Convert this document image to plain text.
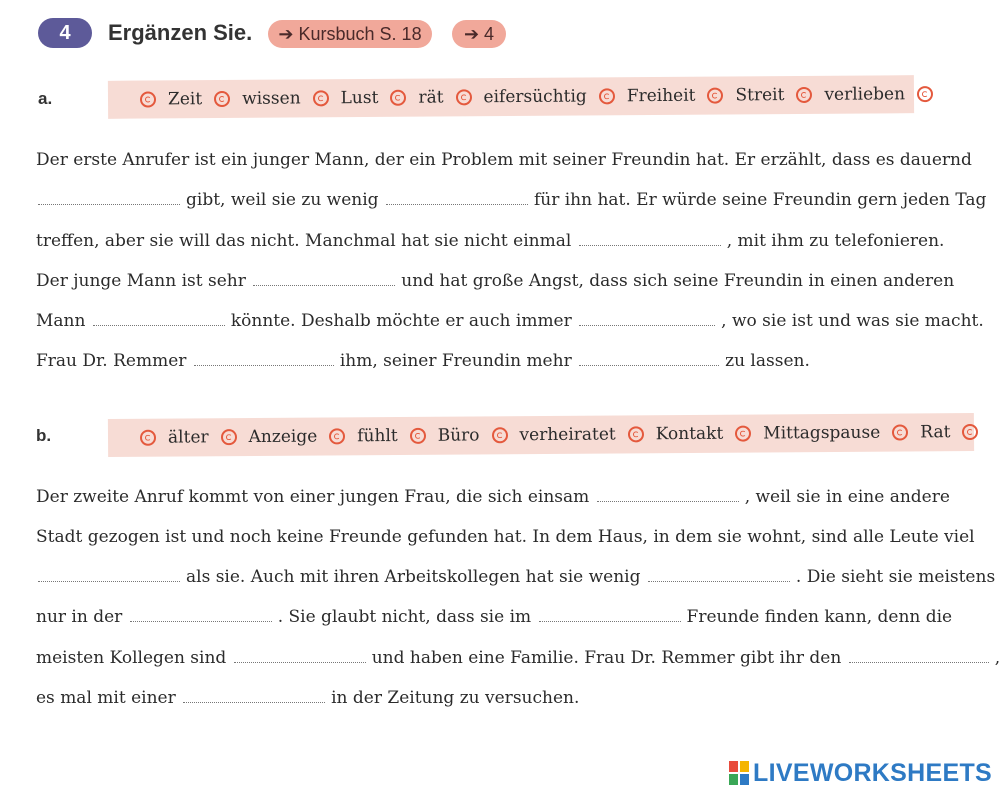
4	Ergänzen Sie.	➔ Kursbuch S. 18	➔ 4
a.	Zeit wissen Lust rät eifersüchtig Freiheit Streit verlieben
Der erste Anrufer ist ein junger Mann, der ein Problem mit seiner Freundin hat. Er erzählt, dass es dauernd
gibt, weil sie zu wenig	für ihn hat. Er würde seine Freundin gern jeden Tag
treffen, aber sie will das nicht. Manchmal hat sie nicht einmal	, mit ihm zu telefonieren.
Der junge Mann ist sehr	und hat große Angst, dass sich seine Freundin in einen anderen
Mann	könnte. Deshalb möchte er auch immer	, wo sie ist und was sie macht.
Frau Dr. Remmer	ihm, seiner Freundin mehr	zu lassen.
b.	älter Anzeige fühlt Büro verheiratet Kontakt Mittagspause Rat
Der zweite Anruf kommt von einer jungen Frau, die sich einsam	, weil sie in eine andere
Stadt gezogen ist und noch keine Freunde gefunden hat. In dem Haus, in dem sie wohnt, sind alle Leute viel
als sie. Auch mit ihren Arbeitskollegen hat sie wenig	. Die sieht sie meistens
nur in der	. Sie glaubt nicht, dass sie im	Freunde finden kann, denn die
meisten Kollegen sind	und haben eine Familie. Frau Dr. Remmer gibt ihr den	,
es mal mit einer	in der Zeitung zu versuchen.
LIVEWORKSHEETS
